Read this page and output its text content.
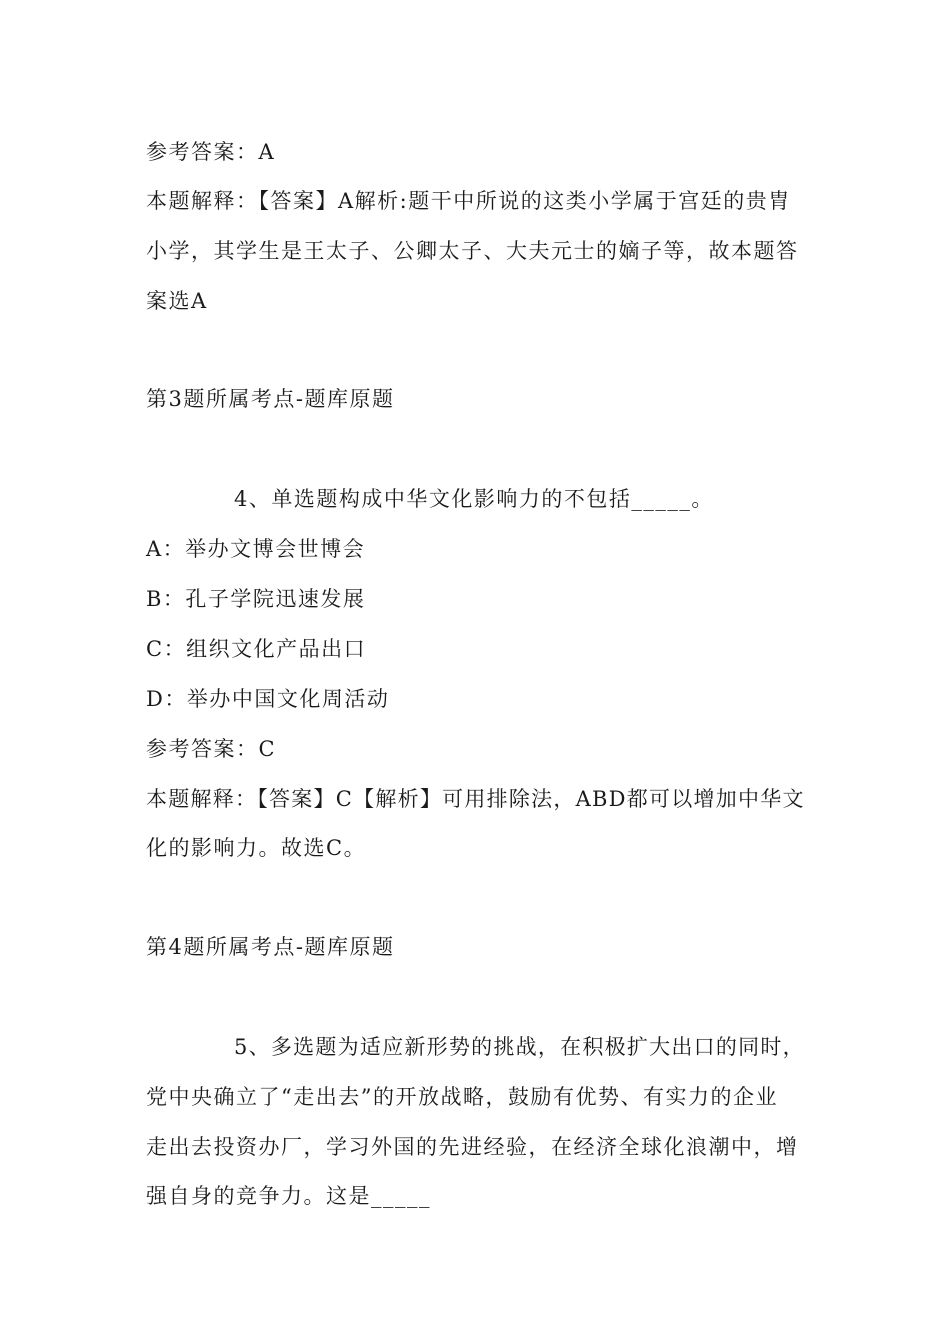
参考答案：A
本题解释：【答案】A解析:题干中所说的这类小学属于宫廷的贵胄
小学，其学生是王太子、公卿太子、大夫元士的嫡子等，故本题答
案选A
第3题所属考点-题库原题
4、单选题构成中华文化影响力的不包括_____。
A：举办文博会世博会
B：孔子学院迅速发展
C：组织文化产品出口
D：举办中国文化周活动
参考答案：C
本题解释：【答案】C【解析】可用排除法，ABD都可以增加中华文
化的影响力。故选C。
第4题所属考点-题库原题
5、多选题为适应新形势的挑战，在积极扩大出口的同时，
党中央确立了“走出去”的开放战略，鼓励有优势、有实力的企业
走出去投资办厂，学习外国的先进经验，在经济全球化浪潮中，增
强自身的竞争力。这是_____
